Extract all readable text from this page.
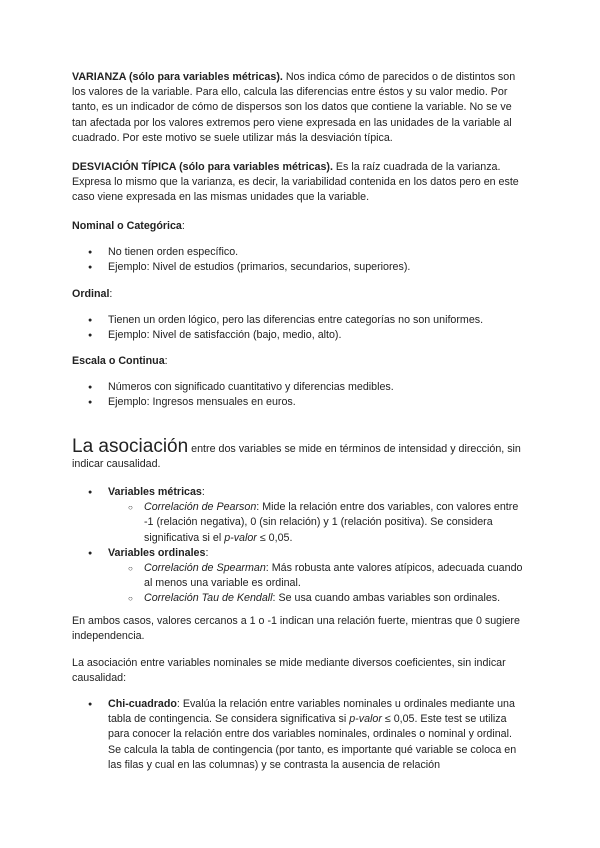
VARIANZA (sólo para variables métricas). Nos indica cómo de parecidos o de distintos son los valores de la variable. Para ello, calcula las diferencias entre éstos y su valor medio. Por tanto, es un indicador de cómo de dispersos son los datos que contiene la variable. No se ve tan afectada por los valores extremos pero viene expresada en las unidades de la variable al cuadrado. Por este motivo se suele utilizar más la desviación típica.

DESVIACIÓN TÍPICA (sólo para variables métricas). Es la raíz cuadrada de la varianza. Expresa lo mismo que la varianza, es decir, la variabilidad contenida en los datos pero en este caso viene expresada en las mismas unidades que la variable.

Nominal o Categórica:

● No tienen orden específico.
● Ejemplo: Nivel de estudios (primarios, secundarios, superiores).

Ordinal:

● Tienen un orden lógico, pero las diferencias entre categorías no son uniformes.
● Ejemplo: Nivel de satisfacción (bajo, medio, alto).

Escala o Continua:

● Números con significado cuantitativo y diferencias medibles.
● Ejemplo: Ingresos mensuales en euros.

La asociación entre dos variables se mide en términos de intensidad y dirección, sin indicar causalidad.

● Variables métricas:
○ Correlación de Pearson: Mide la relación entre dos variables, con valores entre -1 (relación negativa), 0 (sin relación) y 1 (relación positiva). Se considera significativa si el p-valor ≤ 0,05.
● Variables ordinales:
○ Correlación de Spearman: Más robusta ante valores atípicos, adecuada cuando al menos una variable es ordinal.
○ Correlación Tau de Kendall: Se usa cuando ambas variables son ordinales.

En ambos casos, valores cercanos a 1 o -1 indican una relación fuerte, mientras que 0 sugiere independencia.

La asociación entre variables nominales se mide mediante diversos coeficientes, sin indicar causalidad:

● Chi-cuadrado: Evalúa la relación entre variables nominales u ordinales mediante una tabla de contingencia. Se considera significativa si p-valor ≤ 0,05. Este test se utiliza para conocer la relación entre dos variables nominales, ordinales o nominal y ordinal. Se calcula la tabla de contingencia (por tanto, es importante qué variable se coloca en las filas y cual en las columnas) y se contrasta la ausencia de relación
